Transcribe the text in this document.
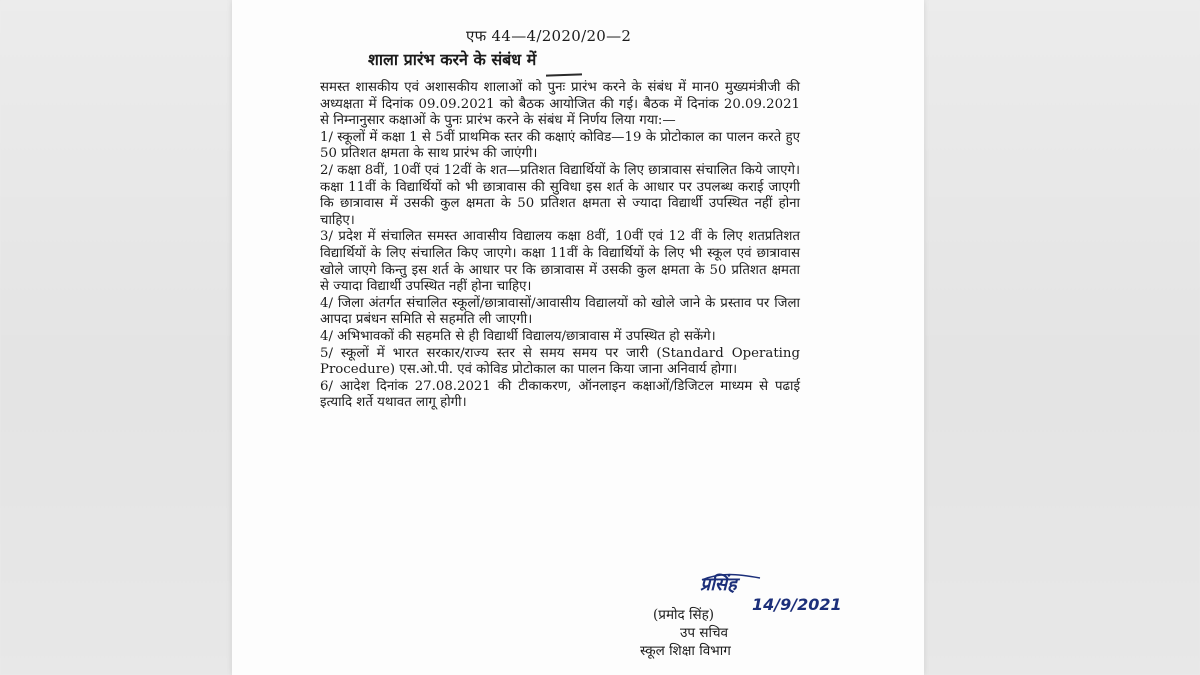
एफ 44—4/2020/20—2
शाला प्रारंभ करने के संबंध में
समस्त शासकीय एवं अशासकीय शालाओं को पुनः प्रारंभ करने के संबंध में मान0 मुख्यमंत्रीजी की अध्यक्षता में दिनांक 09.09.2021 को बैठक आयोजित की गई। बैठक में दिनांक 20.09.2021 से निम्नानुसार कक्षाओं के पुनः प्रारंभ करने के संबंध में निर्णय लिया गया:—
1/ स्कूलों में कक्षा 1 से 5वीं प्राथमिक स्तर की कक्षाएं कोविड—19 के प्रोटोकाल का पालन करते हुए 50 प्रतिशत क्षमता के साथ प्रारंभ की जाएंगी।
2/ कक्षा 8वीं, 10वीं एवं 12वीं के शत—प्रतिशत विद्यार्थियों के लिए छात्रावास संचालित किये जाएगे। कक्षा 11वीं के विद्यार्थियों को भी छात्रावास की सुविधा इस शर्त के आधार पर उपलब्ध कराई जाएगी कि छात्रावास में उसकी कुल क्षमता के 50 प्रतिशत क्षमता से ज्यादा विद्यार्थी उपस्थित नहीं होना चाहिए।
3/ प्रदेश में संचालित समस्त आवासीय विद्यालय कक्षा 8वीं, 10वीं एवं 12 वीं के लिए शतप्रतिशत विद्यार्थियों के लिए संचालित किए जाएगे। कक्षा 11वीं के विद्यार्थियों के लिए भी स्कूल एवं छात्रावास खोले जाएगे किन्तु इस शर्त के आधार पर कि छात्रावास में उसकी कुल क्षमता के 50 प्रतिशत क्षमता से ज्यादा विद्यार्थी उपस्थित नहीं होना चाहिए।
4/ जिला अंतर्गत संचालित स्कूलों/छात्रावासों/आवासीय विद्यालयों को खोले जाने के प्रस्ताव पर जिला आपदा प्रबंधन समिति से सहमति ली जाएगी।
4/ अभिभावकों की सहमति से ही विद्यार्थी विद्यालय/छात्रावास में उपस्थित हो सकेंगे।
5/ स्कूलों में भारत सरकार/राज्य स्तर से समय समय पर जारी (Standard Operating Procedure) एस.ओ.पी. एवं कोविड प्रोटोकाल का पालन किया जाना अनिवार्य होगा।
6/ आदेश दिनांक 27.08.2021 की टीकाकरण, ऑनलाइन कक्षाओं/डिजिटल माध्यम से पढाई इत्यादि शर्ते यथावत लागू होगी।
प्रसिंह
14/9/2021
(प्रमोद सिंह)
उप सचिव
स्कूल शिक्षा विभाग
